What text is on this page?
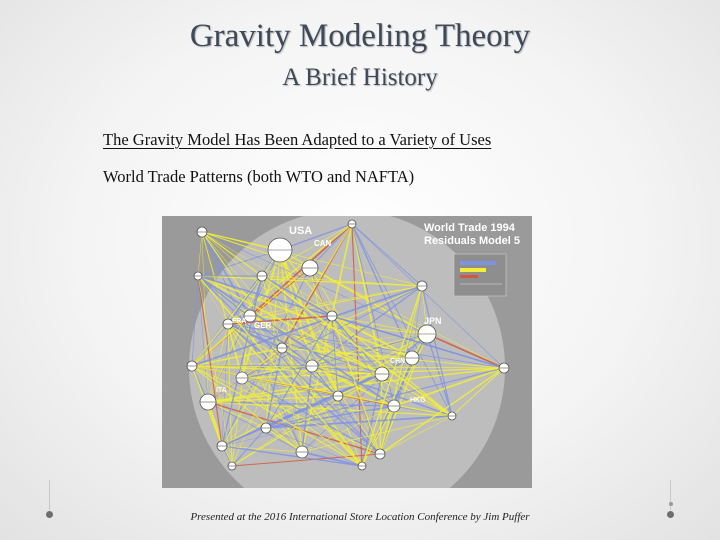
Gravity Modeling Theory
A Brief History
The Gravity Model Has Been Adapted to a Variety of Uses
World Trade Patterns (both WTO and NAFTA)
World Trade 1994
Residuals Model 5
USA
CAN
JPN
GER
FRA
CHN
ITA
HKG
Presented at the 2016 International Store Location Conference by Jim Puffer
